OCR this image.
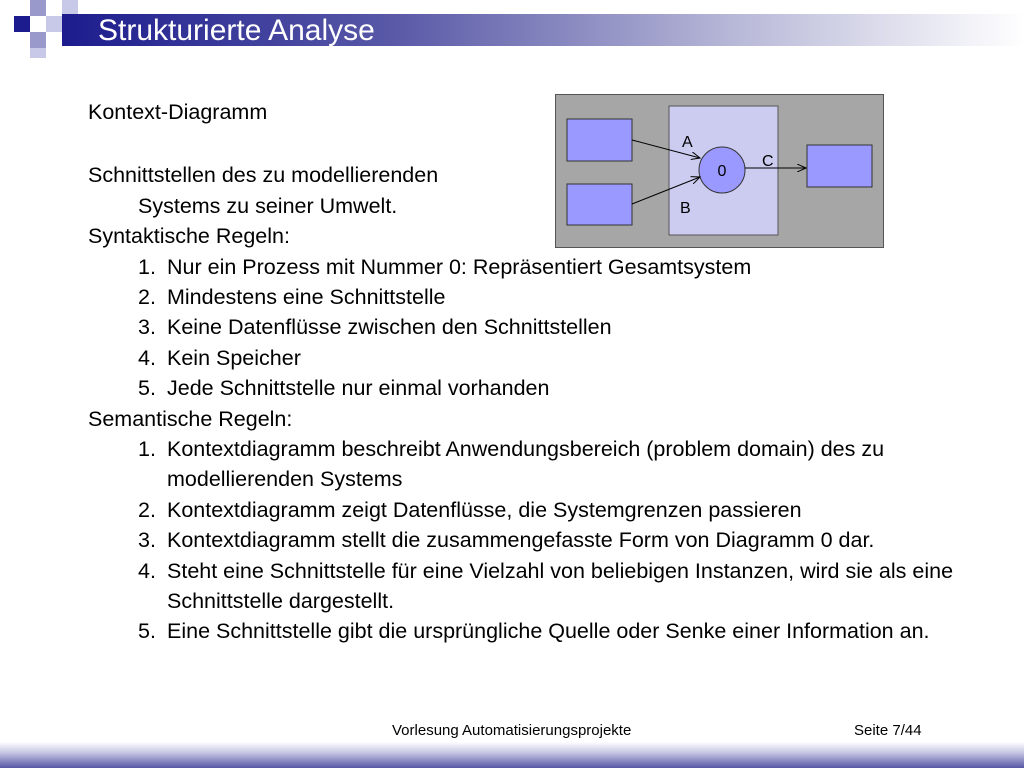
Strukturierte Analyse
Kontext-Diagramm
Schnittstellen des zu modellierenden
Systems zu seiner Umwelt.
Syntaktische Regeln:
1. Nur ein Prozess mit Nummer 0: Repräsentiert Gesamtsystem
2. Mindestens eine Schnittstelle
3. Keine Datenflüsse zwischen den Schnittstellen
4. Kein Speicher
5. Jede Schnittstelle nur einmal vorhanden
Semantische Regeln:
1. Kontextdiagramm beschreibt Anwendungsbereich (problem domain) des zu modellierenden Systems
2. Kontextdiagramm zeigt Datenflüsse, die Systemgrenzen passieren
3. Kontextdiagramm stellt die zusammengefasste Form von Diagramm 0 dar.
4. Steht eine Schnittstelle für eine Vielzahl von beliebigen Instanzen, wird sie als eine Schnittstelle dargestellt.
5. Eine Schnittstelle gibt die ursprüngliche Quelle oder Senke einer Information an.
0
A
B
C
Vorlesung Automatisierungsprojekte	Seite 7/44
